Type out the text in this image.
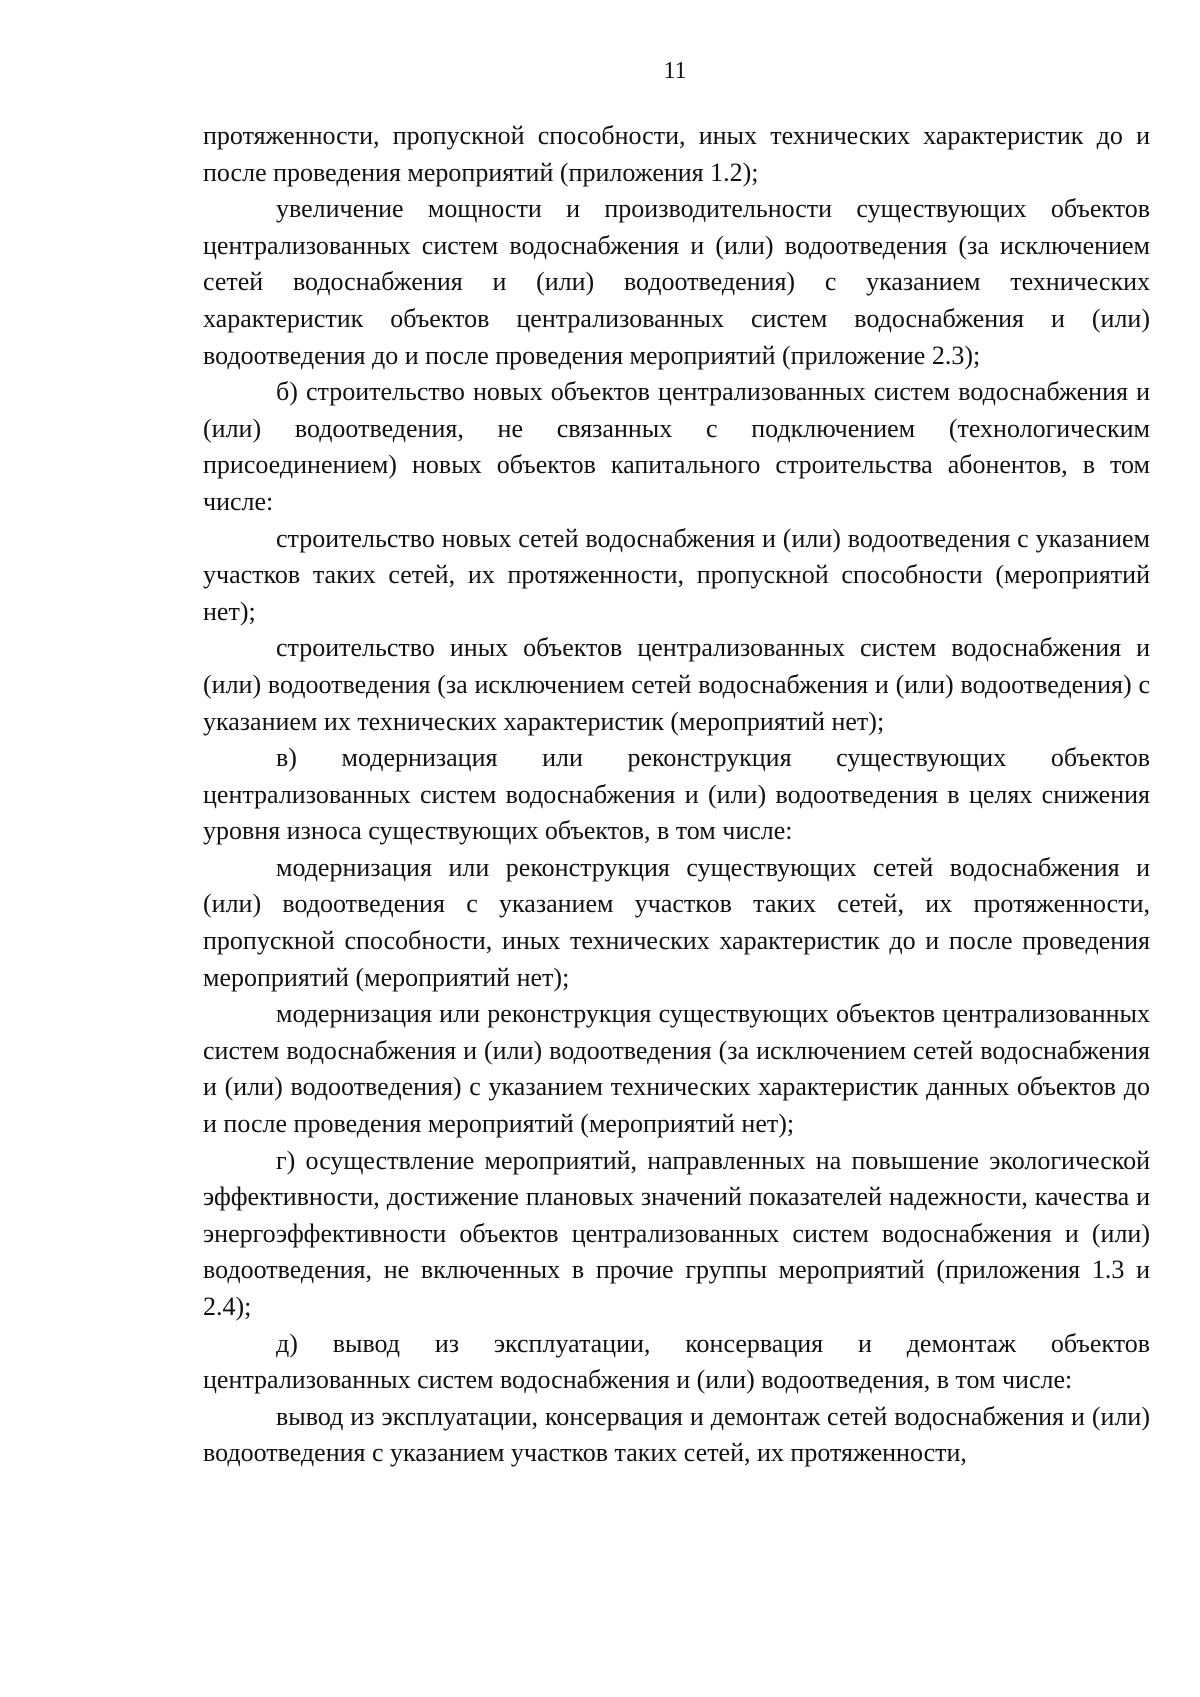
11

протяженности, пропускной способности, иных технических характеристик до и после проведения мероприятий (приложения 1.2);

увеличение мощности и производительности существующих объектов централизованных систем водоснабжения и (или) водоотведения (за исключением сетей водоснабжения и (или) водоотведения) с указанием технических характеристик объектов централизованных систем водоснабжения и (или) водоотведения до и после проведения мероприятий (приложение 2.3);

б) строительство новых объектов централизованных систем водоснабжения и (или) водоотведения, не связанных с подключением (технологическим присоединением) новых объектов капитального строительства абонентов, в том числе:

строительство новых сетей водоснабжения и (или) водоотведения с указанием участков таких сетей, их протяженности, пропускной способности (мероприятий нет);

строительство иных объектов централизованных систем водоснабжения и (или) водоотведения (за исключением сетей водоснабжения и (или) водоотведения) с указанием их технических характеристик (мероприятий нет);

в) модернизация или реконструкция существующих объектов централизованных систем водоснабжения и (или) водоотведения в целях снижения уровня износа существующих объектов, в том числе:

модернизация или реконструкция существующих сетей водоснабжения и (или) водоотведения с указанием участков таких сетей, их протяженности, пропускной способности, иных технических характеристик до и после проведения мероприятий (мероприятий нет);

модернизация или реконструкция существующих объектов централизованных систем водоснабжения и (или) водоотведения (за исключением сетей водоснабжения и (или) водоотведения) с указанием технических характеристик данных объектов до и после проведения мероприятий (мероприятий нет);

г) осуществление мероприятий, направленных на повышение экологической эффективности, достижение плановых значений показателей надежности, качества и энергоэффективности объектов централизованных систем водоснабжения и (или) водоотведения, не включенных в прочие группы мероприятий (приложения 1.3 и 2.4);

д) вывод из эксплуатации, консервация и демонтаж объектов централизованных систем водоснабжения и (или) водоотведения, в том числе:

вывод из эксплуатации, консервация и демонтаж сетей водоснабжения и (или) водоотведения с указанием участков таких сетей, их протяженности,
